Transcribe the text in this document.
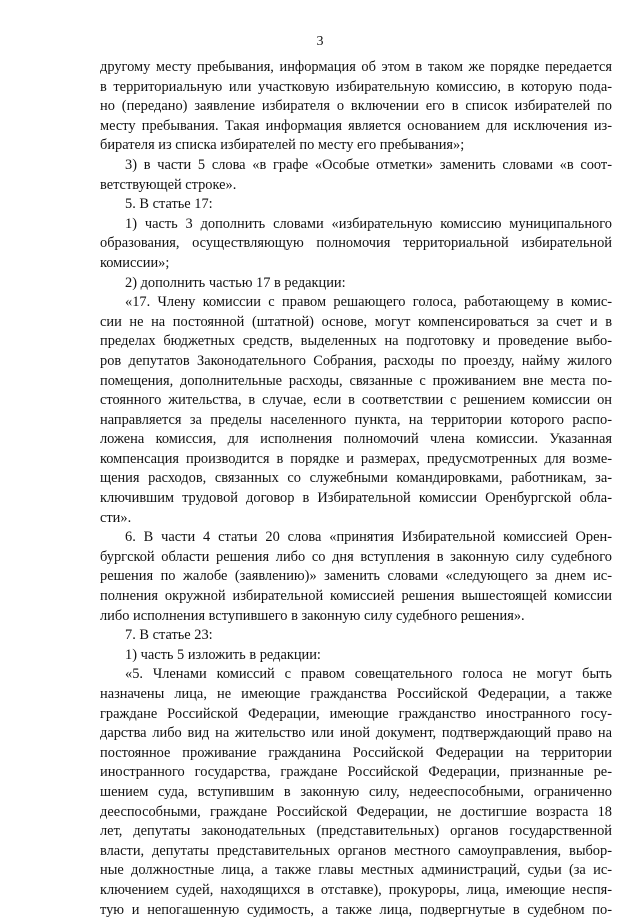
3
другому месту пребывания, информация об этом в таком же порядке передается
в территориальную или участковую избирательную комиссию, в которую пода-
но (передано) заявление избирателя о включении его в список избирателей по
месту пребывания. Такая информация является основанием для исключения из-
бирателя из списка избирателей по месту его пребывания»;
3) в части 5 слова «в графе «Особые отметки» заменить словами «в соот-
ветствующей строке».
5. В статье 17:
1) часть 3 дополнить словами «избирательную комиссию муниципального
образования, осуществляющую полномочия территориальной избирательной
комиссии»;
2) дополнить частью 17 в редакции:
«17. Члену комиссии с правом решающего голоса, работающему в комис-
сии не на постоянной (штатной) основе, могут компенсироваться за счет и в
пределах бюджетных средств, выделенных на подготовку и проведение выбо-
ров депутатов Законодательного Собрания, расходы по проезду, найму жилого
помещения, дополнительные расходы, связанные с проживанием вне места по-
стоянного жительства, в случае, если в соответствии с решением комиссии он
направляется за пределы населенного пункта, на территории которого распо-
ложена комиссия, для исполнения полномочий члена комиссии. Указанная
компенсация производится в порядке и размерах, предусмотренных для возме-
щения расходов, связанных со служебными командировками, работникам, за-
ключившим трудовой договор в Избирательной комиссии Оренбургской обла-
сти».
6. В части 4 статьи 20 слова «принятия Избирательной комиссией Орен-
бургской области решения либо со дня вступления в законную силу судебного
решения по жалобе (заявлению)» заменить словами «следующего за днем ис-
полнения окружной избирательной комиссией решения вышестоящей комиссии
либо исполнения вступившего в законную силу судебного решения».
7. В статье 23:
1) часть 5 изложить в редакции:
«5. Членами комиссий с правом совещательного голоса не могут быть
назначены лица, не имеющие гражданства Российской Федерации, а также
граждане Российской Федерации, имеющие гражданство иностранного госу-
дарства либо вид на жительство или иной документ, подтверждающий право на
постоянное проживание гражданина Российской Федерации на территории
иностранного государства, граждане Российской Федерации, признанные ре-
шением суда, вступившим в законную силу, недееспособными, ограниченно
дееспособными, граждане Российской Федерации, не достигшие возраста 18
лет, депутаты законодательных (представительных) органов государственной
власти, депутаты представительных органов местного самоуправления, выбор-
ные должностные лица, а также главы местных администраций, судьи (за ис-
ключением судей, находящихся в отставке), прокуроры, лица, имеющие неспя-
тую и непогашенную судимость, а также лица, подвергнутые в судебном по-
